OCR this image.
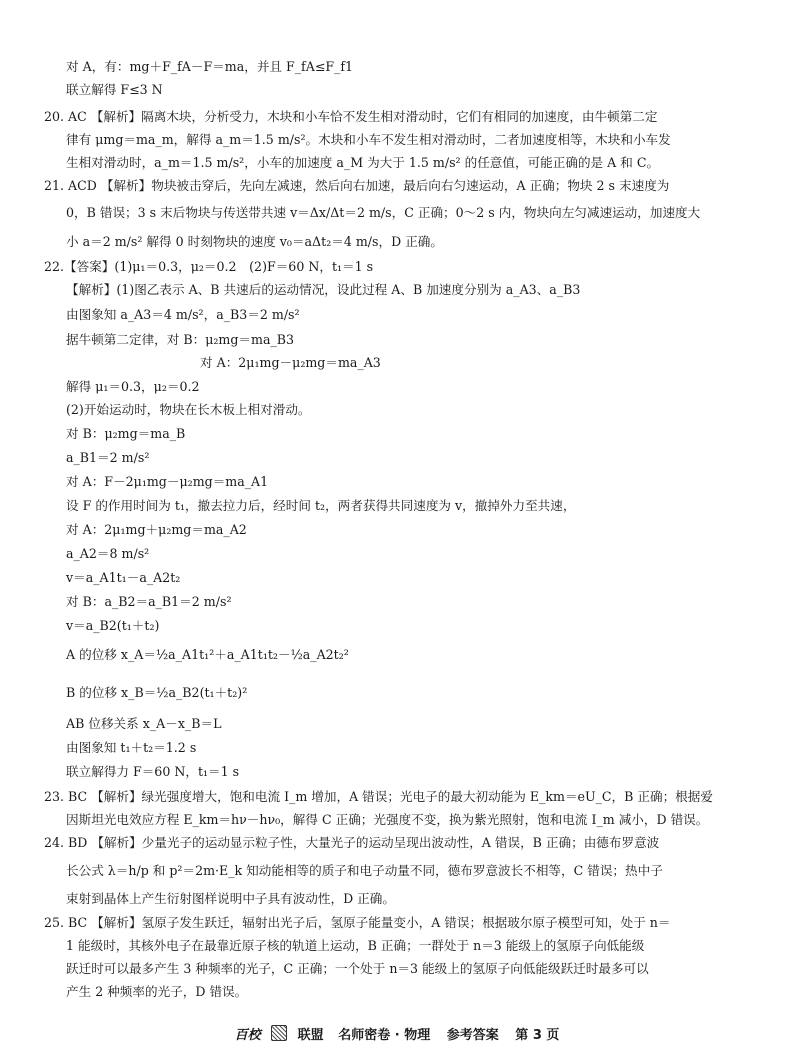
对 A，有：mg＋F_fA－F＝ma，并且 F_fA≤F_f1
联立解得 F≤3 N
20. AC 【解析】隔离木块，分析受力，木块和小车恰不发生相对滑动时，它们有相同的加速度，由牛顿第二定
律有 μmg＝ma_m，解得 a_m＝1.5 m/s²。木块和小车不发生相对滑动时，二者加速度相等，木块和小车发
生相对滑动时，a_m＝1.5 m/s²，小车的加速度 a_M 为大于 1.5 m/s² 的任意值，可能正确的是 A 和 C。
21. ACD 【解析】物块被击穿后，先向左减速，然后向右加速，最后向右匀速运动，A 正确；物块 2 s 末速度为
0，B 错误；3 s 末后物块与传送带共速 v＝Δx/Δt＝2 m/s，C 正确；0～2 s 内，物块向左匀减速运动，加速度大
小 a＝2 m/s² 解得 0 时刻物块的速度 v₀＝aΔt₂＝4 m/s，D 正确。
22.【答案】(1)μ₁＝0.3，μ₂＝0.2　(2)F＝60 N，t₁＝1 s
【解析】(1)图乙表示 A、B 共速后的运动情况，设此过程 A、B 加速度分别为 a_A3、a_B3
由图象知 a_A3＝4 m/s²，a_B3＝2 m/s²
据牛顿第二定律，对 B：μ₂mg＝ma_B3
对 A：2μ₁mg－μ₂mg＝ma_A3
解得 μ₁＝0.3，μ₂＝0.2
(2)开始运动时，物块在长木板上相对滑动。
对 B：μ₂mg＝ma_B
a_B1＝2 m/s²
对 A：F－2μ₁mg－μ₂mg＝ma_A1
设 F 的作用时间为 t₁，撤去拉力后，经时间 t₂，两者获得共同速度为 v，撤掉外力至共速，
对 A：2μ₁mg＋μ₂mg＝ma_A2
a_A2＝8 m/s²
v＝a_A1t₁－a_A2t₂
对 B：a_B2＝a_B1＝2 m/s²
v＝a_B2(t₁＋t₂)
A 的位移 x_A＝½a_A1t₁²＋a_A1t₁t₂－½a_A2t₂²
B 的位移 x_B＝½a_B2(t₁＋t₂)²
AB 位移关系 x_A－x_B＝L
由图象知 t₁＋t₂＝1.2 s
联立解得力 F＝60 N，t₁＝1 s
23. BC 【解析】绿光强度增大，饱和电流 I_m 增加，A 错误；光电子的最大初动能为 E_km＝eU_C，B 正确；根据爱
因斯坦光电效应方程 E_km＝hν－hν₀，解得 C 正确；光强度不变，换为紫光照射，饱和电流 I_m 减小，D 错误。
24. BD 【解析】少量光子的运动显示粒子性，大量光子的运动呈现出波动性，A 错误，B 正确；由德布罗意波
长公式 λ＝h/p 和 p²＝2m·E_k 知动能相等的质子和电子动量不同，德布罗意波长不相等，C 错误；热中子
束射到晶体上产生衍射图样说明中子具有波动性，D 正确。
25. BC 【解析】氢原子发生跃迁，辐射出光子后，氢原子能量变小，A 错误；根据玻尔原子模型可知，处于 n＝
1 能级时，其核外电子在最靠近原子核的轨道上运动，B 正确；一群处于 n＝3 能级上的氢原子向低能级
跃迁时可以最多产生 3 种频率的光子，C 正确；一个处于 n＝3 能级上的氢原子向低能级跃迁时最多可以
产生 2 种频率的光子，D 错误。
百校	联盟 名师密卷 · 物理 参考答案 第 3 页
